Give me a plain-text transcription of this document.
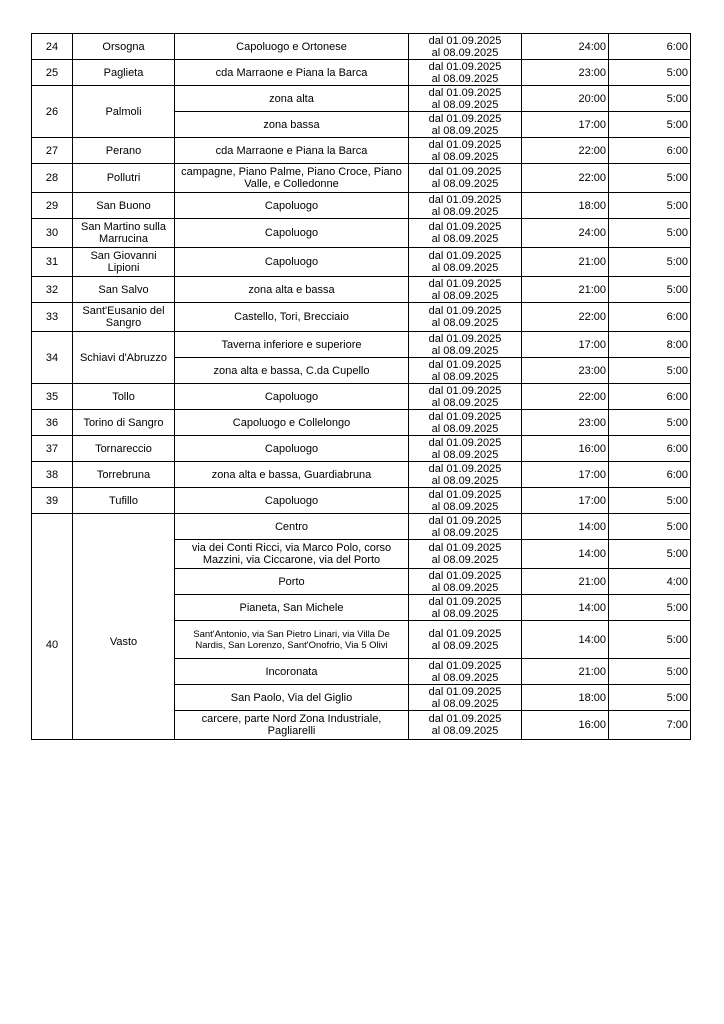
24	Orsogna	Capoluogo e Ortonese	dal 01.09.2025
al 08.09.2025	24:00	6:00
25	Paglieta	cda Marraone e Piana la Barca	dal 01.09.2025
al 08.09.2025	23:00	5:00
26	Palmoli	zona alta	dal 01.09.2025
al 08.09.2025	20:00	5:00
		zona bassa	dal 01.09.2025
al 08.09.2025	17:00	5:00
27	Perano	cda Marraone e Piana la Barca	dal 01.09.2025
al 08.09.2025	22:00	6:00
28	Pollutri	campagne, Piano Palme, Piano Croce, Piano Valle, e Colledonne	dal 01.09.2025
al 08.09.2025	22:00	5:00
29	San Buono	Capoluogo	dal 01.09.2025
al 08.09.2025	18:00	5:00
30	San Martino sulla Marrucina	Capoluogo	dal 01.09.2025
al 08.09.2025	24:00	5:00
31	San Giovanni Lipioni	Capoluogo	dal 01.09.2025
al 08.09.2025	21:00	5:00
32	San Salvo	zona alta e bassa	dal 01.09.2025
al 08.09.2025	21:00	5:00
33	Sant'Eusanio del Sangro	Castello, Tori, Brecciaio	dal 01.09.2025
al 08.09.2025	22:00	6:00
34	Schiavi d'Abruzzo	Taverna inferiore e superiore	dal 01.09.2025
al 08.09.2025	17:00	8:00
		zona alta e bassa, C.da Cupello	dal 01.09.2025
al 08.09.2025	23:00	5:00
35	Tollo	Capoluogo	dal 01.09.2025
al 08.09.2025	22:00	6:00
36	Torino di Sangro	Capoluogo e Collelongo	dal 01.09.2025
al 08.09.2025	23:00	5:00
37	Tornareccio	Capoluogo	dal 01.09.2025
al 08.09.2025	16:00	6:00
38	Torrebruna	zona alta e bassa, Guardiabruna	dal 01.09.2025
al 08.09.2025	17:00	6:00
39	Tufillo	Capoluogo	dal 01.09.2025
al 08.09.2025	17:00	5:00
40	Vasto	Centro	dal 01.09.2025
al 08.09.2025	14:00	5:00
		via dei Conti Ricci, via Marco Polo, corso Mazzini, via Ciccarone, via del Porto	dal 01.09.2025
al 08.09.2025	14:00	5:00
		Porto	dal 01.09.2025
al 08.09.2025	21:00	4:00
		Pianeta, San Michele	dal 01.09.2025
al 08.09.2025	14:00	5:00
		Sant'Antonio, via San Pietro Linari, via Villa De Nardis, San Lorenzo, Sant'Onofrio, Via 5 Olivi	dal 01.09.2025
al 08.09.2025	14:00	5:00
		Incoronata	dal 01.09.2025
al 08.09.2025	21:00	5:00
		San Paolo, Via del Giglio	dal 01.09.2025
al 08.09.2025	18:00	5:00
		carcere, parte Nord Zona Industriale, Pagliarelli	dal 01.09.2025
al 08.09.2025	16:00	7:00
